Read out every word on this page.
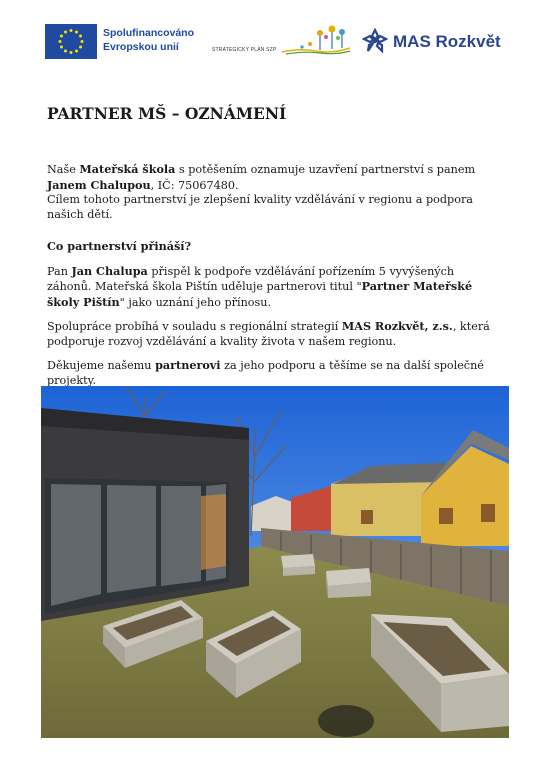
Spolufinancováno
Evropskou unií	STRATEGICKÝ PLÁN SZP	MAS Rozkvět
PARTNER MŠ – OZNÁMENÍ

Naše Mateřská škola s potěšením oznamuje uzavření partnerství s panem Janem Chalupou, IČ: 75067480.
Cílem tohoto partnerství je zlepšení kvality vzdělávání v regionu a podpora našich dětí.

Co partnerství přináší?

Pan Jan Chalupa přispěl k podpoře vzdělávání pořízením 5 vyvýšených záhonů. Mateřská škola Pištín uděluje partnerovi titul "Partner Mateřské školy Pištín" jako uznání jeho přínosu.

Spolupráce probíhá v souladu s regionální strategií MAS Rozkvět, z.s., která podporuje rozvoj vzdělávání a kvality života v našem regionu.

Děkujeme našemu partnerovi za jeho podporu a těšíme se na další společné projekty.
